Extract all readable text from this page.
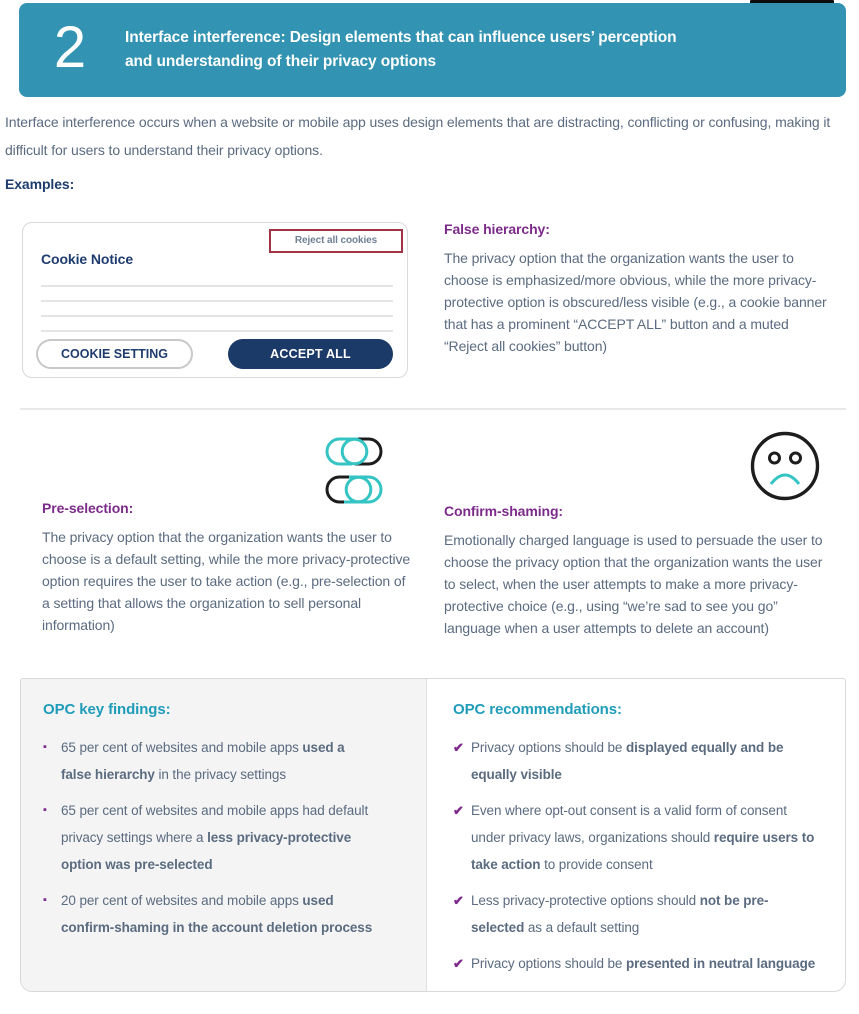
2	Interface interference: Design elements that can influence users’ perception and understanding of their privacy options

Interface interference occurs when a website or mobile app uses design elements that are distracting, conflicting or confusing, making it difficult for users to understand their privacy options.

Examples:
Reject all cookies
Cookie Notice
COOKIE SETTING	ACCEPT ALL
False hierarchy:
The privacy option that the organization wants the user to choose is emphasized/more obvious, while the more privacy-protective option is obscured/less visible (e.g., a cookie banner that has a prominent “ACCEPT ALL” button and a muted “Reject all cookies” button)
Pre-selection:
The privacy option that the organization wants the user to choose is a default setting, while the more privacy-protective option requires the user to take action (e.g., pre-selection of a setting that allows the organization to sell personal information)
Confirm-shaming:
Emotionally charged language is used to persuade the user to choose the privacy option that the organization wants the user to select, when the user attempts to make a more privacy-protective choice (e.g., using “we’re sad to see you go” language when a user attempts to delete an account)
OPC key findings:
▪	65 per cent of websites and mobile apps used a false hierarchy in the privacy settings
▪	65 per cent of websites and mobile apps had default privacy settings where a less privacy-protective option was pre-selected
▪	20 per cent of websites and mobile apps used confirm-shaming in the account deletion process
OPC recommendations:
✔ Privacy options should be displayed equally and be equally visible
✔ Even where opt-out consent is a valid form of consent under privacy laws, organizations should require users to take action to provide consent
✔ Less privacy-protective options should not be pre-selected as a default setting
✔ Privacy options should be presented in neutral language
